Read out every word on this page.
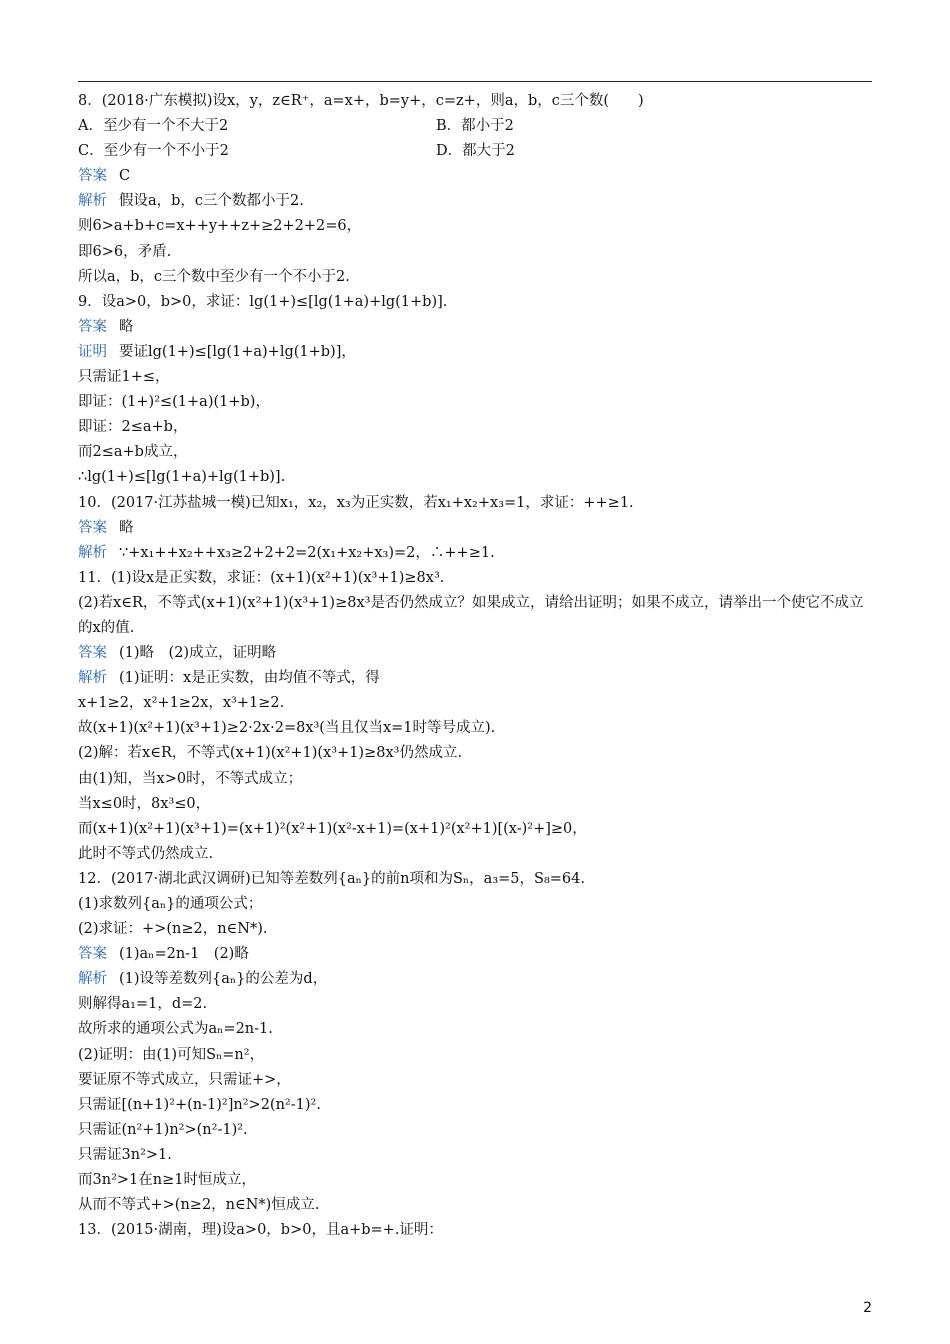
8．(2018·广东模拟)设x，y，z∈R⁺，a=x+，b=y+，c=z+，则a，b，c三个数(　　)
A．至少有一个不大于2	B．都小于2
C．至少有一个不小于2	D．都大于2
答案 C
解析 假设a，b，c三个数都小于2.
则6>a+b+c=x++y++z+≥2+2+2=6，
即6>6，矛盾.
所以a，b，c三个数中至少有一个不小于2.
9．设a>0，b>0，求证：lg(1+)≤[lg(1+a)+lg(1+b)].
答案 略
证明 要证lg(1+)≤[lg(1+a)+lg(1+b)]，
只需证1+≤，
即证：(1+)²≤(1+a)(1+b)，
即证：2≤a+b，
而2≤a+b成立，
∴lg(1+)≤[lg(1+a)+lg(1+b)].
10．(2017·江苏盐城一模)已知x₁，x₂，x₃为正实数，若x₁+x₂+x₃=1，求证：++≥1.
答案 略
解析 ∵+x₁++x₂++x₃≥2+2+2=2(x₁+x₂+x₃)=2，∴++≥1.
11．(1)设x是正实数，求证：(x+1)(x²+1)(x³+1)≥8x³.
(2)若x∈R，不等式(x+1)(x²+1)(x³+1)≥8x³是否仍然成立？如果成立，请给出证明；如果不成立，请举出一个使它不成立的x的值.
答案 (1)略　(2)成立，证明略
解析 (1)证明：x是正实数，由均值不等式，得
x+1≥2，x²+1≥2x，x³+1≥2.
故(x+1)(x²+1)(x³+1)≥2·2x·2=8x³(当且仅当x=1时等号成立).
(2)解：若x∈R，不等式(x+1)(x²+1)(x³+1)≥8x³仍然成立.
由(1)知，当x>0时，不等式成立；
当x≤0时，8x³≤0，
而(x+1)(x²+1)(x³+1)=(x+1)²(x²+1)(x²-x+1)=(x+1)²(x²+1)[(x-)²+]≥0，
此时不等式仍然成立.
12．(2017·湖北武汉调研)已知等差数列{aₙ}的前n项和为Sₙ，a₃=5，S₈=64.
(1)求数列{aₙ}的通项公式；
(2)求证：+>(n≥2，n∈N*).
答案 (1)aₙ=2n-1　(2)略
解析 (1)设等差数列{aₙ}的公差为d，
则解得a₁=1，d=2.
故所求的通项公式为aₙ=2n-1.
(2)证明：由(1)可知Sₙ=n²，
要证原不等式成立，只需证+>，
只需证[(n+1)²+(n-1)²]n²>2(n²-1)².
只需证(n²+1)n²>(n²-1)².
只需证3n²>1.
而3n²>1在n≥1时恒成立，
从而不等式+>(n≥2，n∈N*)恒成立.
13．(2015·湖南，理)设a>0，b>0，且a+b=+.证明：
2
